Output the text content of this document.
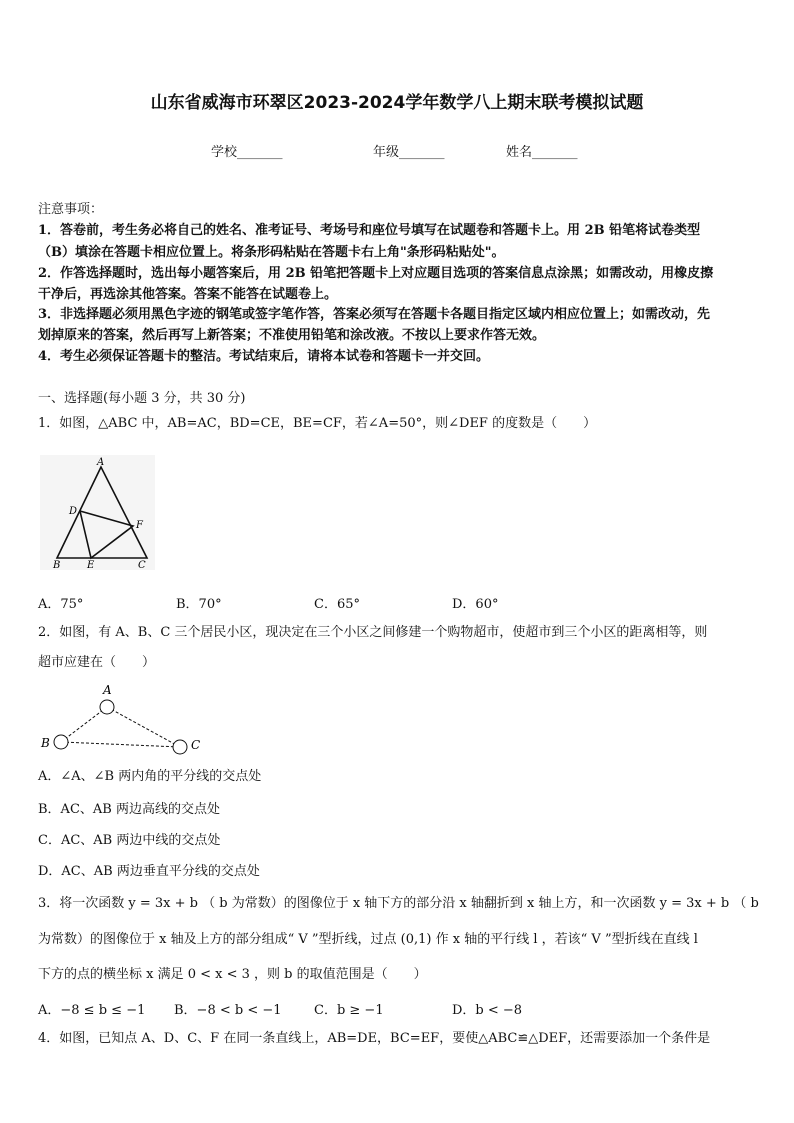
山东省威海市环翠区2023-2024学年数学八上期末联考模拟试题
学校_______	年级_______	姓名_______
注意事项：
1．答卷前，考生务必将自己的姓名、准考证号、考场号和座位号填写在试题卷和答题卡上。用 2B 铅笔将试卷类型
（B）填涂在答题卡相应位置上。将条形码粘贴在答题卡右上角"条形码粘贴处"。
2．作答选择题时，选出每小题答案后，用 2B 铅笔把答题卡上对应题目选项的答案信息点涂黑；如需改动，用橡皮擦
干净后，再选涂其他答案。答案不能答在试题卷上。
3．非选择题必须用黑色字迹的钢笔或签字笔作答，答案必须写在答题卡各题目指定区域内相应位置上；如需改动，先
划掉原来的答案，然后再写上新答案；不准使用铅笔和涂改液。不按以上要求作答无效。
4．考生必须保证答题卡的整洁。考试结束后，请将本试卷和答题卡一并交回。
一、选择题(每小题 3 分，共 30 分)
1．如图，△ABC 中，AB=AC，BD=CE，BE=CF，若∠A=50°，则∠DEF 的度数是（　　）
A
D
F
B	E	C
A．75°	B．70°	C．65°	D．60°
2．如图，有 A、B、C 三个居民小区，现决定在三个小区之间修建一个购物超市，使超市到三个小区的距离相等，则
超市应建在（　　）
A
B	C
A．∠A、∠B 两内角的平分线的交点处
B．AC、AB 两边高线的交点处
C．AC、AB 两边中线的交点处
D．AC、AB 两边垂直平分线的交点处
3．将一次函数 y = 3x + b （ b 为常数）的图像位于 x 轴下方的部分沿 x 轴翻折到 x 轴上方，和一次函数 y = 3x + b （ b
为常数）的图像位于 x 轴及上方的部分组成“ V ”型折线，过点 (0,1) 作 x 轴的平行线 l ，若该“ V ”型折线在直线 l
下方的点的横坐标 x 满足 0 < x < 3 ，则 b 的取值范围是（　　）
A．−8 ≤ b ≤ −1 B．−8 < b < −1 C．b ≥ −1	D．b < −8
4．如图，已知点 A、D、C、F 在同一条直线上，AB=DE，BC=EF，要使△ABC≌△DEF，还需要添加一个条件是
